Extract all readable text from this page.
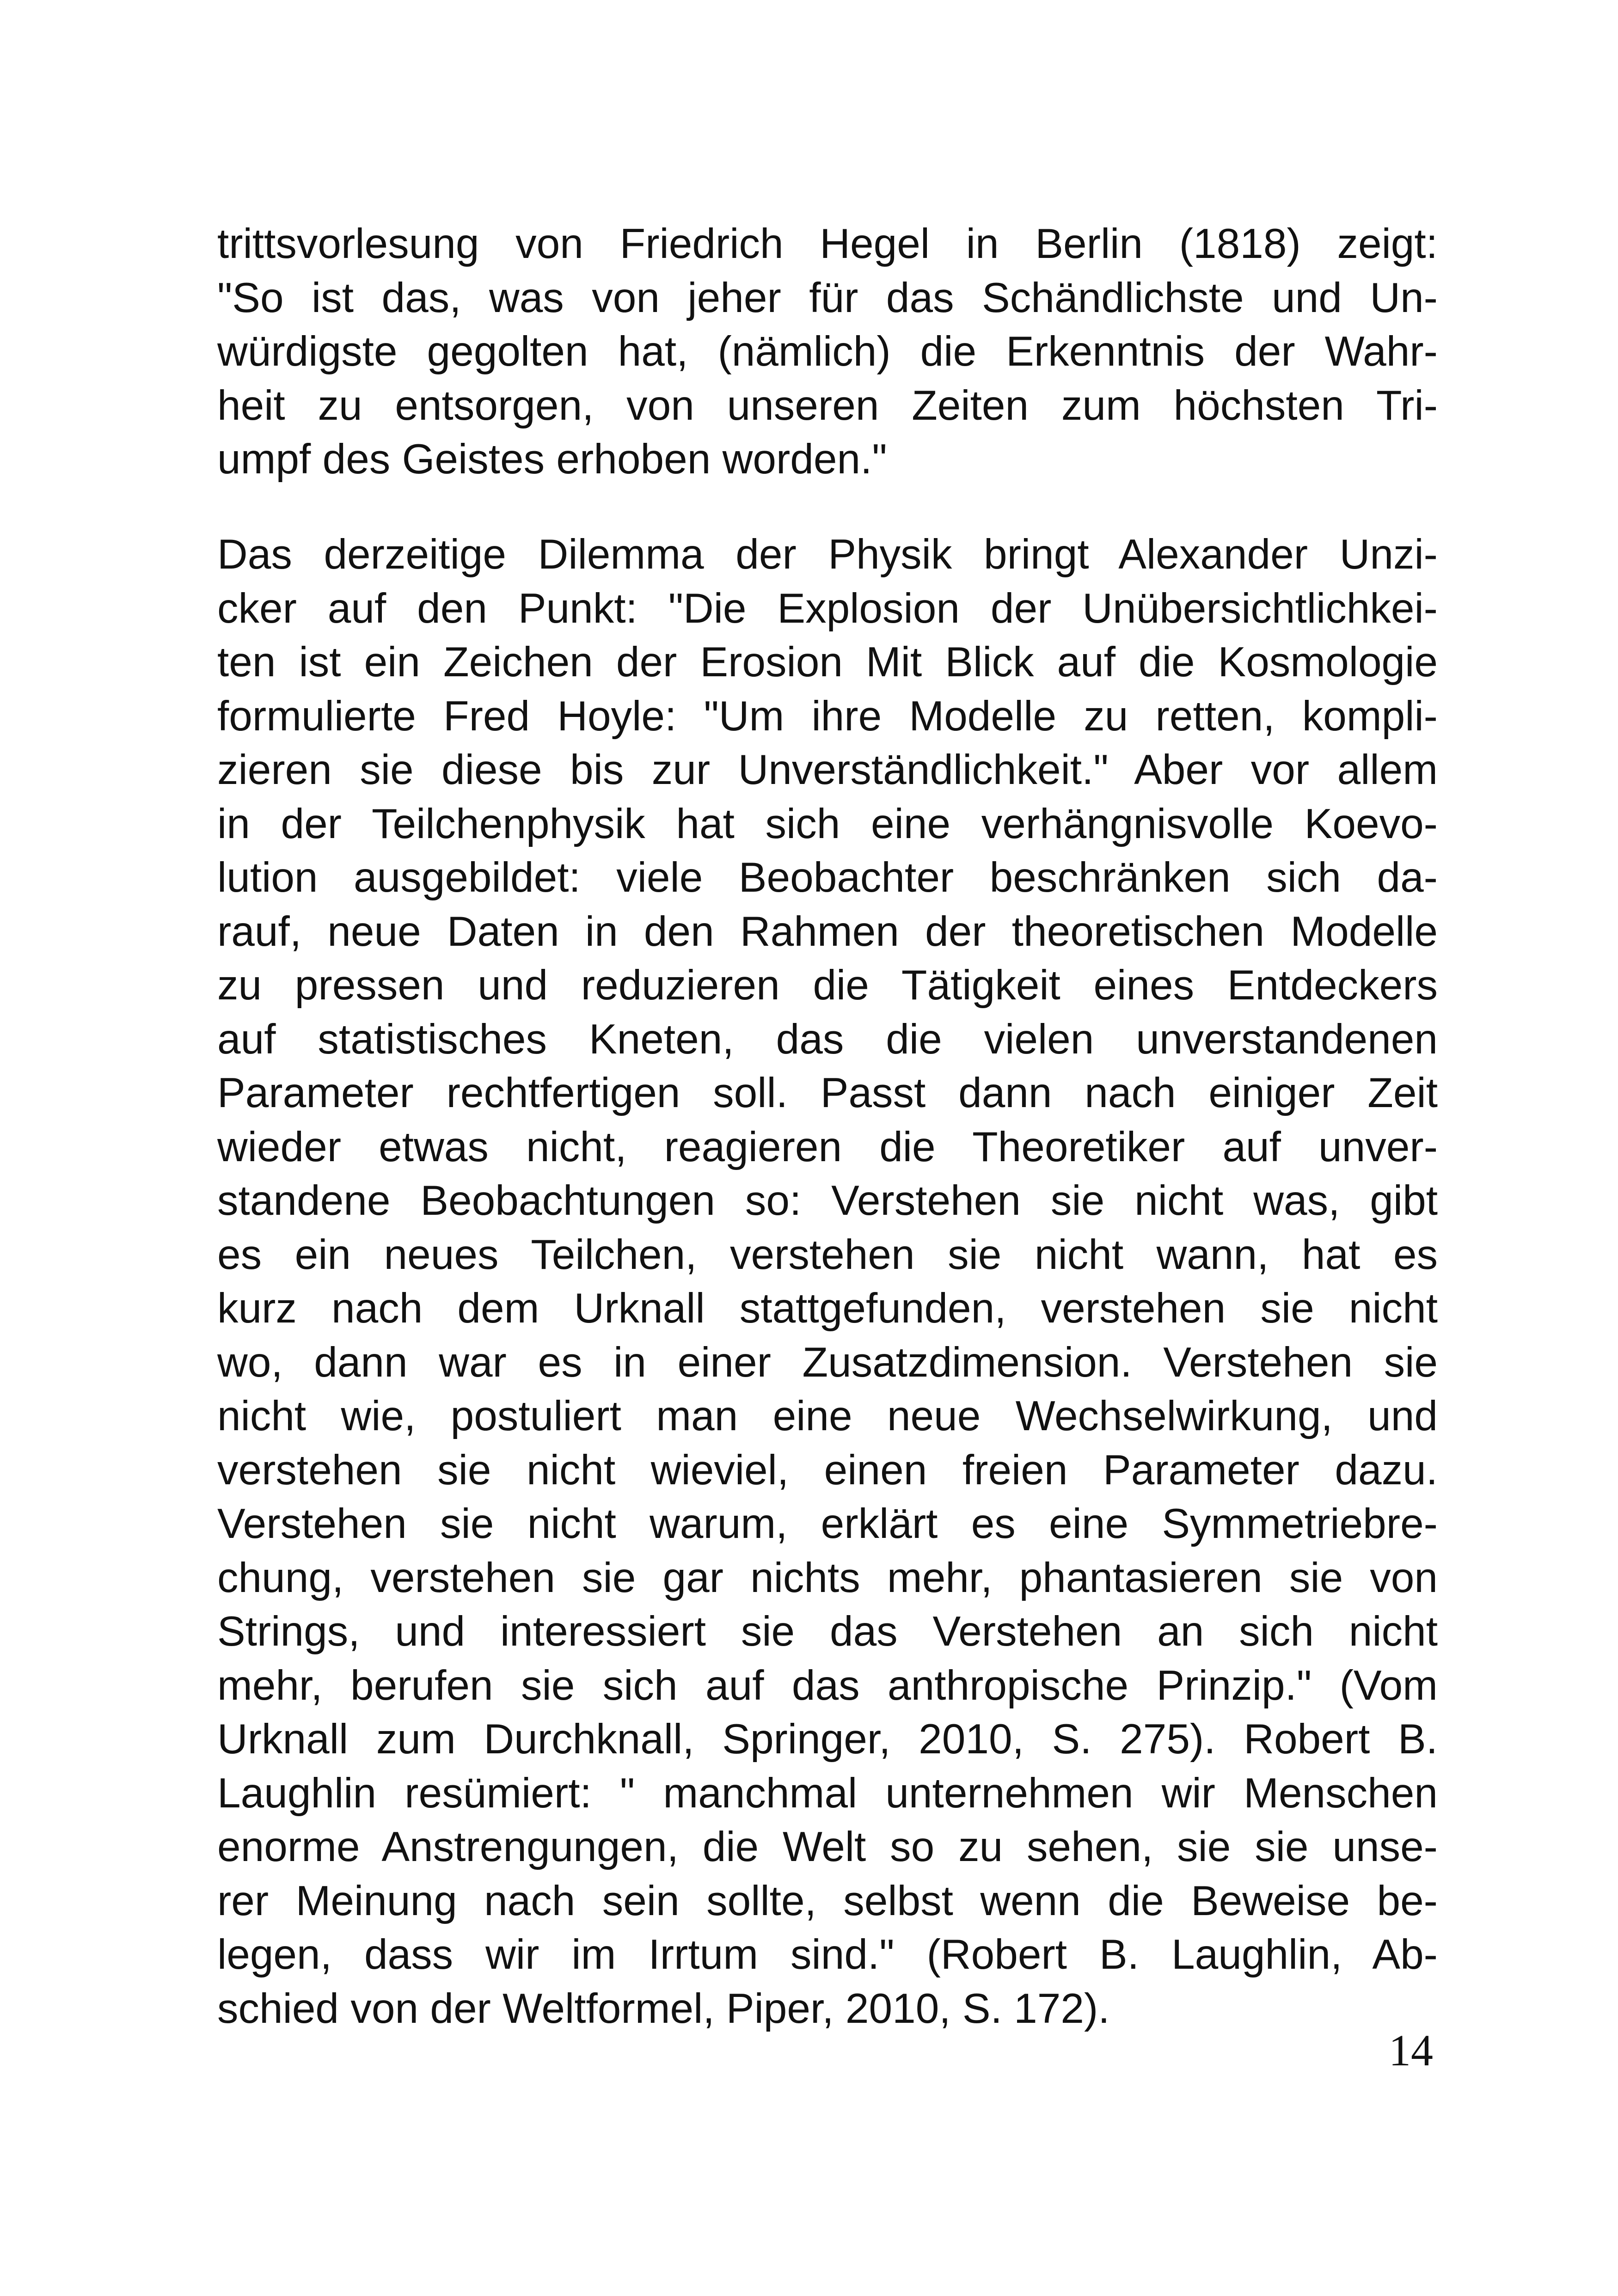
trittsvorlesung von Friedrich Hegel in Berlin (1818) zeigt:
"So ist das, was von jeher für das Schändlichste und Un-
würdigste gegolten hat, (nämlich) die Erkenntnis der Wahr-
heit zu entsorgen, von unseren Zeiten zum höchsten Tri-
umpf des Geistes erhoben worden."
Das derzeitige Dilemma der Physik bringt Alexander Unzi-
cker auf den Punkt: "Die Explosion der Unübersichtlichkei-
ten ist ein Zeichen der Erosion Mit Blick auf die Kosmologie
formulierte Fred Hoyle: "Um ihre Modelle zu retten, kompli-
zieren sie diese bis zur Unverständlichkeit." Aber vor allem
in der Teilchenphysik hat sich eine verhängnisvolle Koevo-
lution ausgebildet: viele Beobachter beschränken sich da-
rauf, neue Daten in den Rahmen der theoretischen Modelle
zu pressen und reduzieren die Tätigkeit eines Entdeckers
auf statistisches Kneten, das die vielen unverstandenen
Parameter rechtfertigen soll. Passt dann nach einiger Zeit
wieder etwas nicht, reagieren die Theoretiker auf unver-
standene Beobachtungen so: Verstehen sie nicht was, gibt
es ein neues Teilchen, verstehen sie nicht wann, hat es
kurz nach dem Urknall stattgefunden, verstehen sie nicht
wo, dann war es in einer Zusatzdimension. Verstehen sie
nicht wie, postuliert man eine neue Wechselwirkung, und
verstehen sie nicht wieviel, einen freien Parameter dazu.
Verstehen sie nicht warum, erklärt es eine Symmetriebre-
chung, verstehen sie gar nichts mehr, phantasieren sie von
Strings, und interessiert sie das Verstehen an sich nicht
mehr, berufen sie sich auf das anthropische Prinzip." (Vom
Urknall zum Durchknall, Springer, 2010, S. 275). Robert B.
Laughlin resümiert: " manchmal unternehmen wir Menschen
enorme Anstrengungen, die Welt so zu sehen, sie sie unse-
rer Meinung nach sein sollte, selbst wenn die Beweise be-
legen, dass wir im Irrtum sind." (Robert B. Laughlin, Ab-
schied von der Weltformel, Piper, 2010, S. 172).
14
